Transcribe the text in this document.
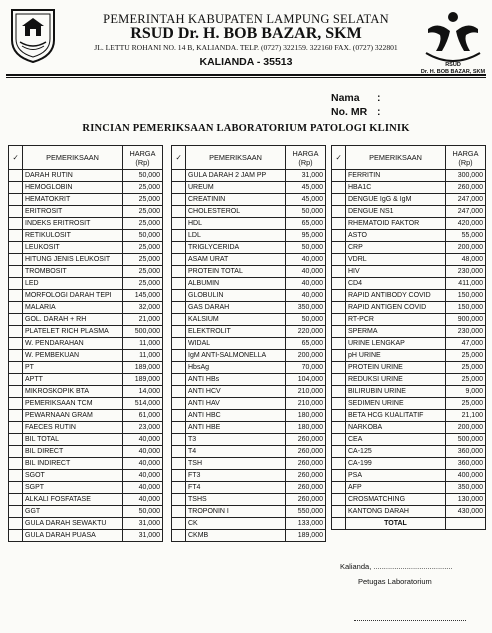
RSUD
Dr. H. BOB BAZAR, SKM
PEMERINTAH KABUPATEN LAMPUNG SELATAN
RSUD Dr. H. BOB BAZAR, SKM
JL. LETTU ROHANI NO. 14 B, KALIANDA. TELP. (0727) 322159. 322160 FAX. (0727) 322801
KALIANDA - 35513
Nama :
No. MR :
RINCIAN PEMERIKSAAN LABORATORIUM PATOLOGI KLINIK
✓	PEMERIKSAAN	HARGA
(Rp)

	DARAH RUTIN	50,000
	HEMOGLOBIN	25,000
	HEMATOKRIT	25,000
	ERITROSIT	25,000
	INDEKS ERITROSIT	25,000
	RETIKULOSIT	50,000
	LEUKOSIT	25,000
	HITUNG JENIS LEUKOSIT	25,000
	TROMBOSIT	25,000
	LED	25,000
	MORFOLOGI DARAH TEPI	145,000
	MALARIA	32,000
	GOL. DARAH + RH	21,000
	PLATELET RICH PLASMA	500,000
	W. PENDARAHAN	11,000
	W. PEMBEKUAN	11,000
	PT	189,000
	APTT	189,000
	MIKROSKOPIK BTA	14,000
	PEMERIKSAAN TCM	514,000
	PEWARNAAN GRAM	61,000
	FAECES RUTIN	23,000
	BIL TOTAL	40,000
	BIL DIRECT	40,000
	BIL INDIRECT	40,000
	SGOT	40,000
	SGPT	40,000
	ALKALI FOSFATASE	40,000
	GGT	50,000
	GULA DARAH SEWAKTU	31,000
	GULA DARAH PUASA	31,000
✓	PEMERIKSAAN	HARGA
(Rp)

	GULA DARAH 2 JAM PP	31,000
	UREUM	45,000
	CREATININ	45,000
	CHOLESTEROL	50,000
	HDL	65,000
	LDL	95,000
	TRIGLYCERIDA	50,000
	ASAM URAT	40,000
	PROTEIN TOTAL	40,000
	ALBUMIN	40,000
	GLOBULIN	40,000
	GAS DARAH	350,000
	KALSIUM	50,000
	ELEKTROLIT	220,000
	WIDAL	65,000
	IgM ANTI-SALMONELLA	200,000
	HbsAg	70,000
	ANTI HBs	104,000
	ANTI HCV	210,000
	ANTI HAV	210,000
	ANTI HBC	180,000
	ANTI HBE	180,000
	T3	260,000
	T4	260,000
	TSH	260,000
	FT3	260,000
	FT4	260,000
	TSHS	260,000
	TROPONIN I	550,000
	CK	133,000
	CKMB	189,000
✓	PEMERIKSAAN	HARGA
(Rp)

	FERRITIN	300,000
	HBA1C	260,000
	DENGUE IgG & IgM	247,000
	DENGUE NS1	247,000
	RHEMATOID FAKTOR	420,000
	ASTO	55,000
	CRP	200,000
	VDRL	48,000
	HIV	230,000
	CD4	411,000
	RAPID ANTIBODY COVID	150,000
	RAPID ANTIGEN COVID	150,000
	RT-PCR	900,000
	SPERMA	230,000
	URINE LENGKAP	47,000
	pH URINE	25,000
	PROTEIN URINE	25,000
	REDUKSI URINE	25,000
	BILIRUBIN URINE	9,000
	SEDIMEN URINE	25,000
	BETA HCG KUALITATIF	21,100
	NARKOBA	200,000
	CEA	500,000
	CA-125	360,000
	CA-199	360,000
	PSA	400,000
	AFP	350,000
	CROSMATCHING	130,000
	KANTONG DARAH	430,000
	TOTAL	
Kalianda, ......................................
Petugas Laboratorium
